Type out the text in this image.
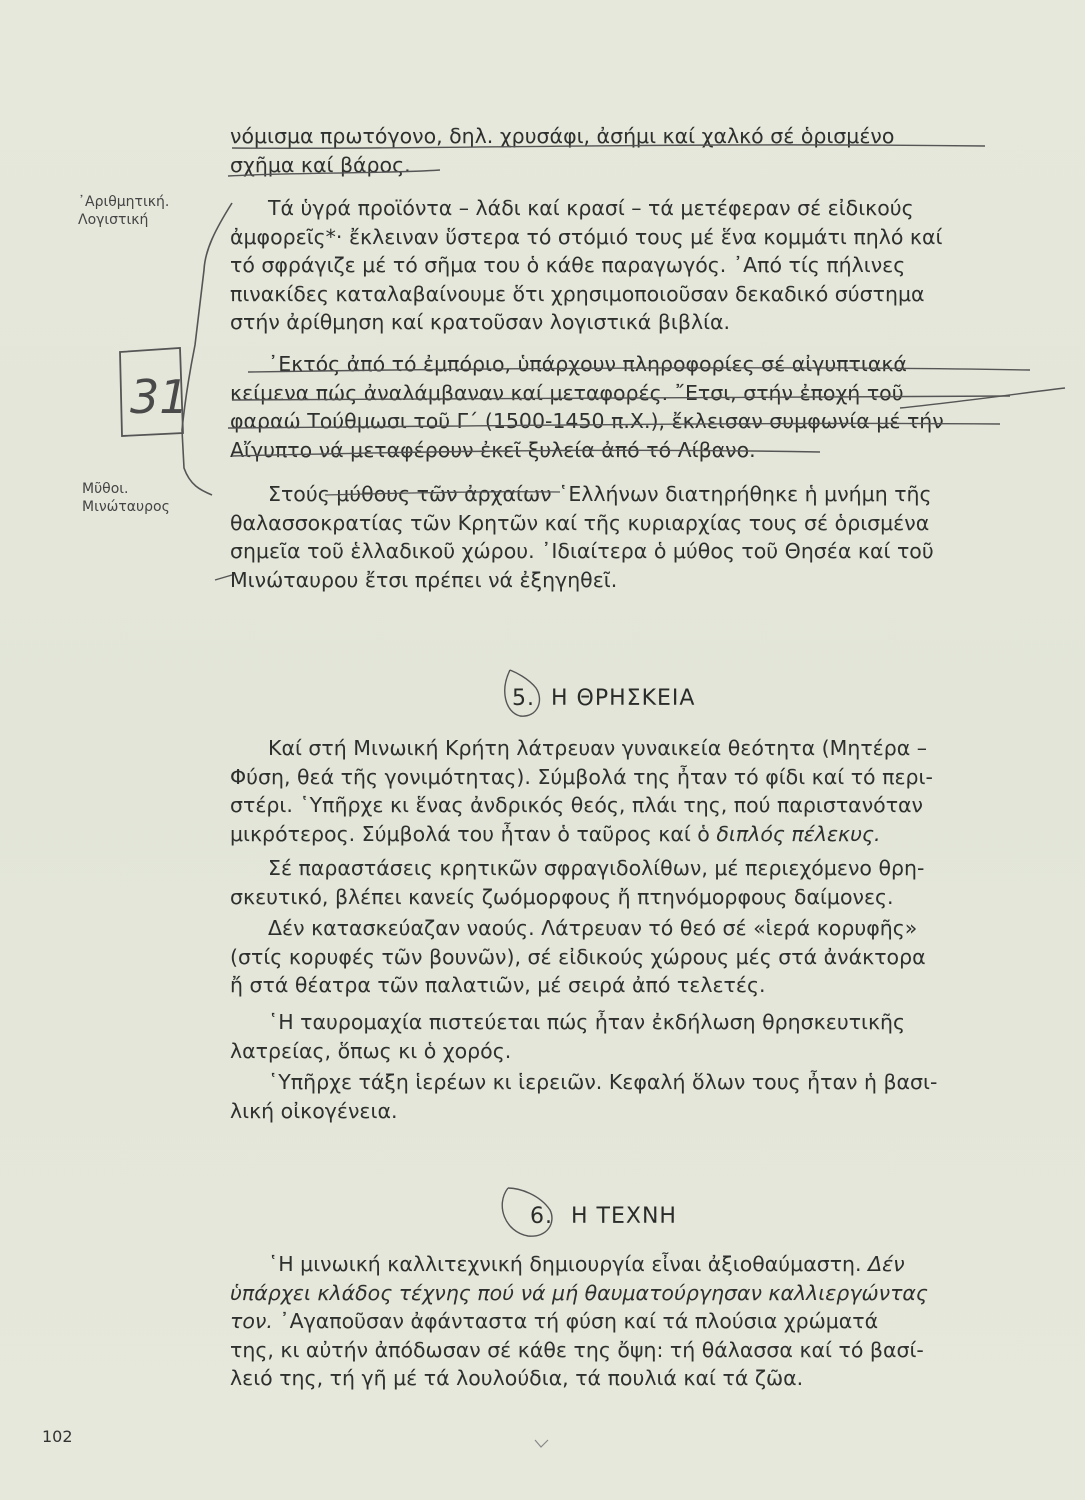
᾿Αριθμητική.
Λογιστική
Μῦθοι.
Μινώταυρος
νόμισμα πρωτόγονο, δηλ. χρυσάφι, ἀσήμι καί χαλκό σέ ὁρισμένο
σχῆμα καί βάρος.
Τά ὑγρά προϊόντα – λάδι καί κρασί – τά μετέφεραν σέ εἰδικούς
ἀμφορεῖς*· ἔκλειναν ὕστερα τό στόμιό τους μέ ἕνα κομμάτι πηλό καί
τό σφράγιζε μέ τό σῆμα του ὁ κάθε παραγωγός. ᾿Από τίς πήλινες
πινακίδες καταλαβαίνουμε ὅτι χρησιμοποιοῦσαν δεκαδικό σύστημα
στήν ἀρίθμηση καί κρατοῦσαν λογιστικά βιβλία.
᾿Εκτός ἀπό τό ἐμπόριο, ὑπάρχουν πληροφορίες σέ αἰγυπτιακά
κείμενα πώς ἀναλάμβαναν καί μεταφορές. ῎Ετσι, στήν ἐποχή τοῦ
φαραώ Τούθμωσι τοῦ Γ΄ (1500-1450 π.Χ.), ἔκλεισαν συμφωνία μέ τήν
Αἴγυπτο νά μεταφέρουν ἐκεῖ ξυλεία ἀπό τό Λίβανο.
Στούς μύθους τῶν ἀρχαίων ῾Ελλήνων διατηρήθηκε ἡ μνήμη τῆς
θαλασσοκρατίας τῶν Κρητῶν καί τῆς κυριαρχίας τους σέ ὁρισμένα
σημεῖα τοῦ ἑλλαδικοῦ χώρου. ᾿Ιδιαίτερα ὁ μύθος τοῦ Θησέα καί τοῦ
Μινώταυρου ἔτσι πρέπει νά ἐξηγηθεῖ.
5. Η ΘΡΗΣΚΕΙΑ
Καί στή Μινωική Κρήτη λάτρευαν γυναικεία θεότητα (Μητέρα –
Φύση, θεά τῆς γονιμότητας). Σύμβολά της ἦταν τό φίδι καί τό περι-
στέρι. ῾Υπῆρχε κι ἕνας ἀνδρικός θεός, πλάι της, πού παριστανόταν
μικρότερος. Σύμβολά του ἦταν ὁ ταῦρος καί ὁ διπλός πέλεκυς.
Σέ παραστάσεις κρητικῶν σφραγιδολίθων, μέ περιεχόμενο θρη-
σκευτικό, βλέπει κανείς ζωόμορφους ἤ πτηνόμορφους δαίμονες.
Δέν κατασκεύαζαν ναούς. Λάτρευαν τό θεό σέ «ἱερά κορυφῆς»
(στίς κορυφές τῶν βουνῶν), σέ εἰδικούς χώρους μές στά ἀνάκτορα
ἤ στά θέατρα τῶν παλατιῶν, μέ σειρά ἀπό τελετές.
῾Η ταυρομαχία πιστεύεται πώς ἦταν ἐκδήλωση θρησκευτικῆς
λατρείας, ὅπως κι ὁ χορός.
῾Υπῆρχε τάξη ἱερέων κι ἱερειῶν. Κεφαλή ὅλων τους ἦταν ἡ βασι-
λική οἰκογένεια.
6. Η ΤΕΧΝΗ
῾Η μινωική καλλιτεχνική δημιουργία εἶναι ἀξιοθαύμαστη. Δέν
ὑπάρχει κλάδος τέχνης πού νά μή θαυματούργησαν καλλιεργώντας
τον. ᾿Αγαποῦσαν ἀφάνταστα τή φύση καί τά πλούσια χρώματά
της, κι αὐτήν ἀπόδωσαν σέ κάθε της ὄψη: τή θάλασσα καί τό βασί-
λειό της, τή γῆ μέ τά λουλούδια, τά πουλιά καί τά ζῶα.
102
31
